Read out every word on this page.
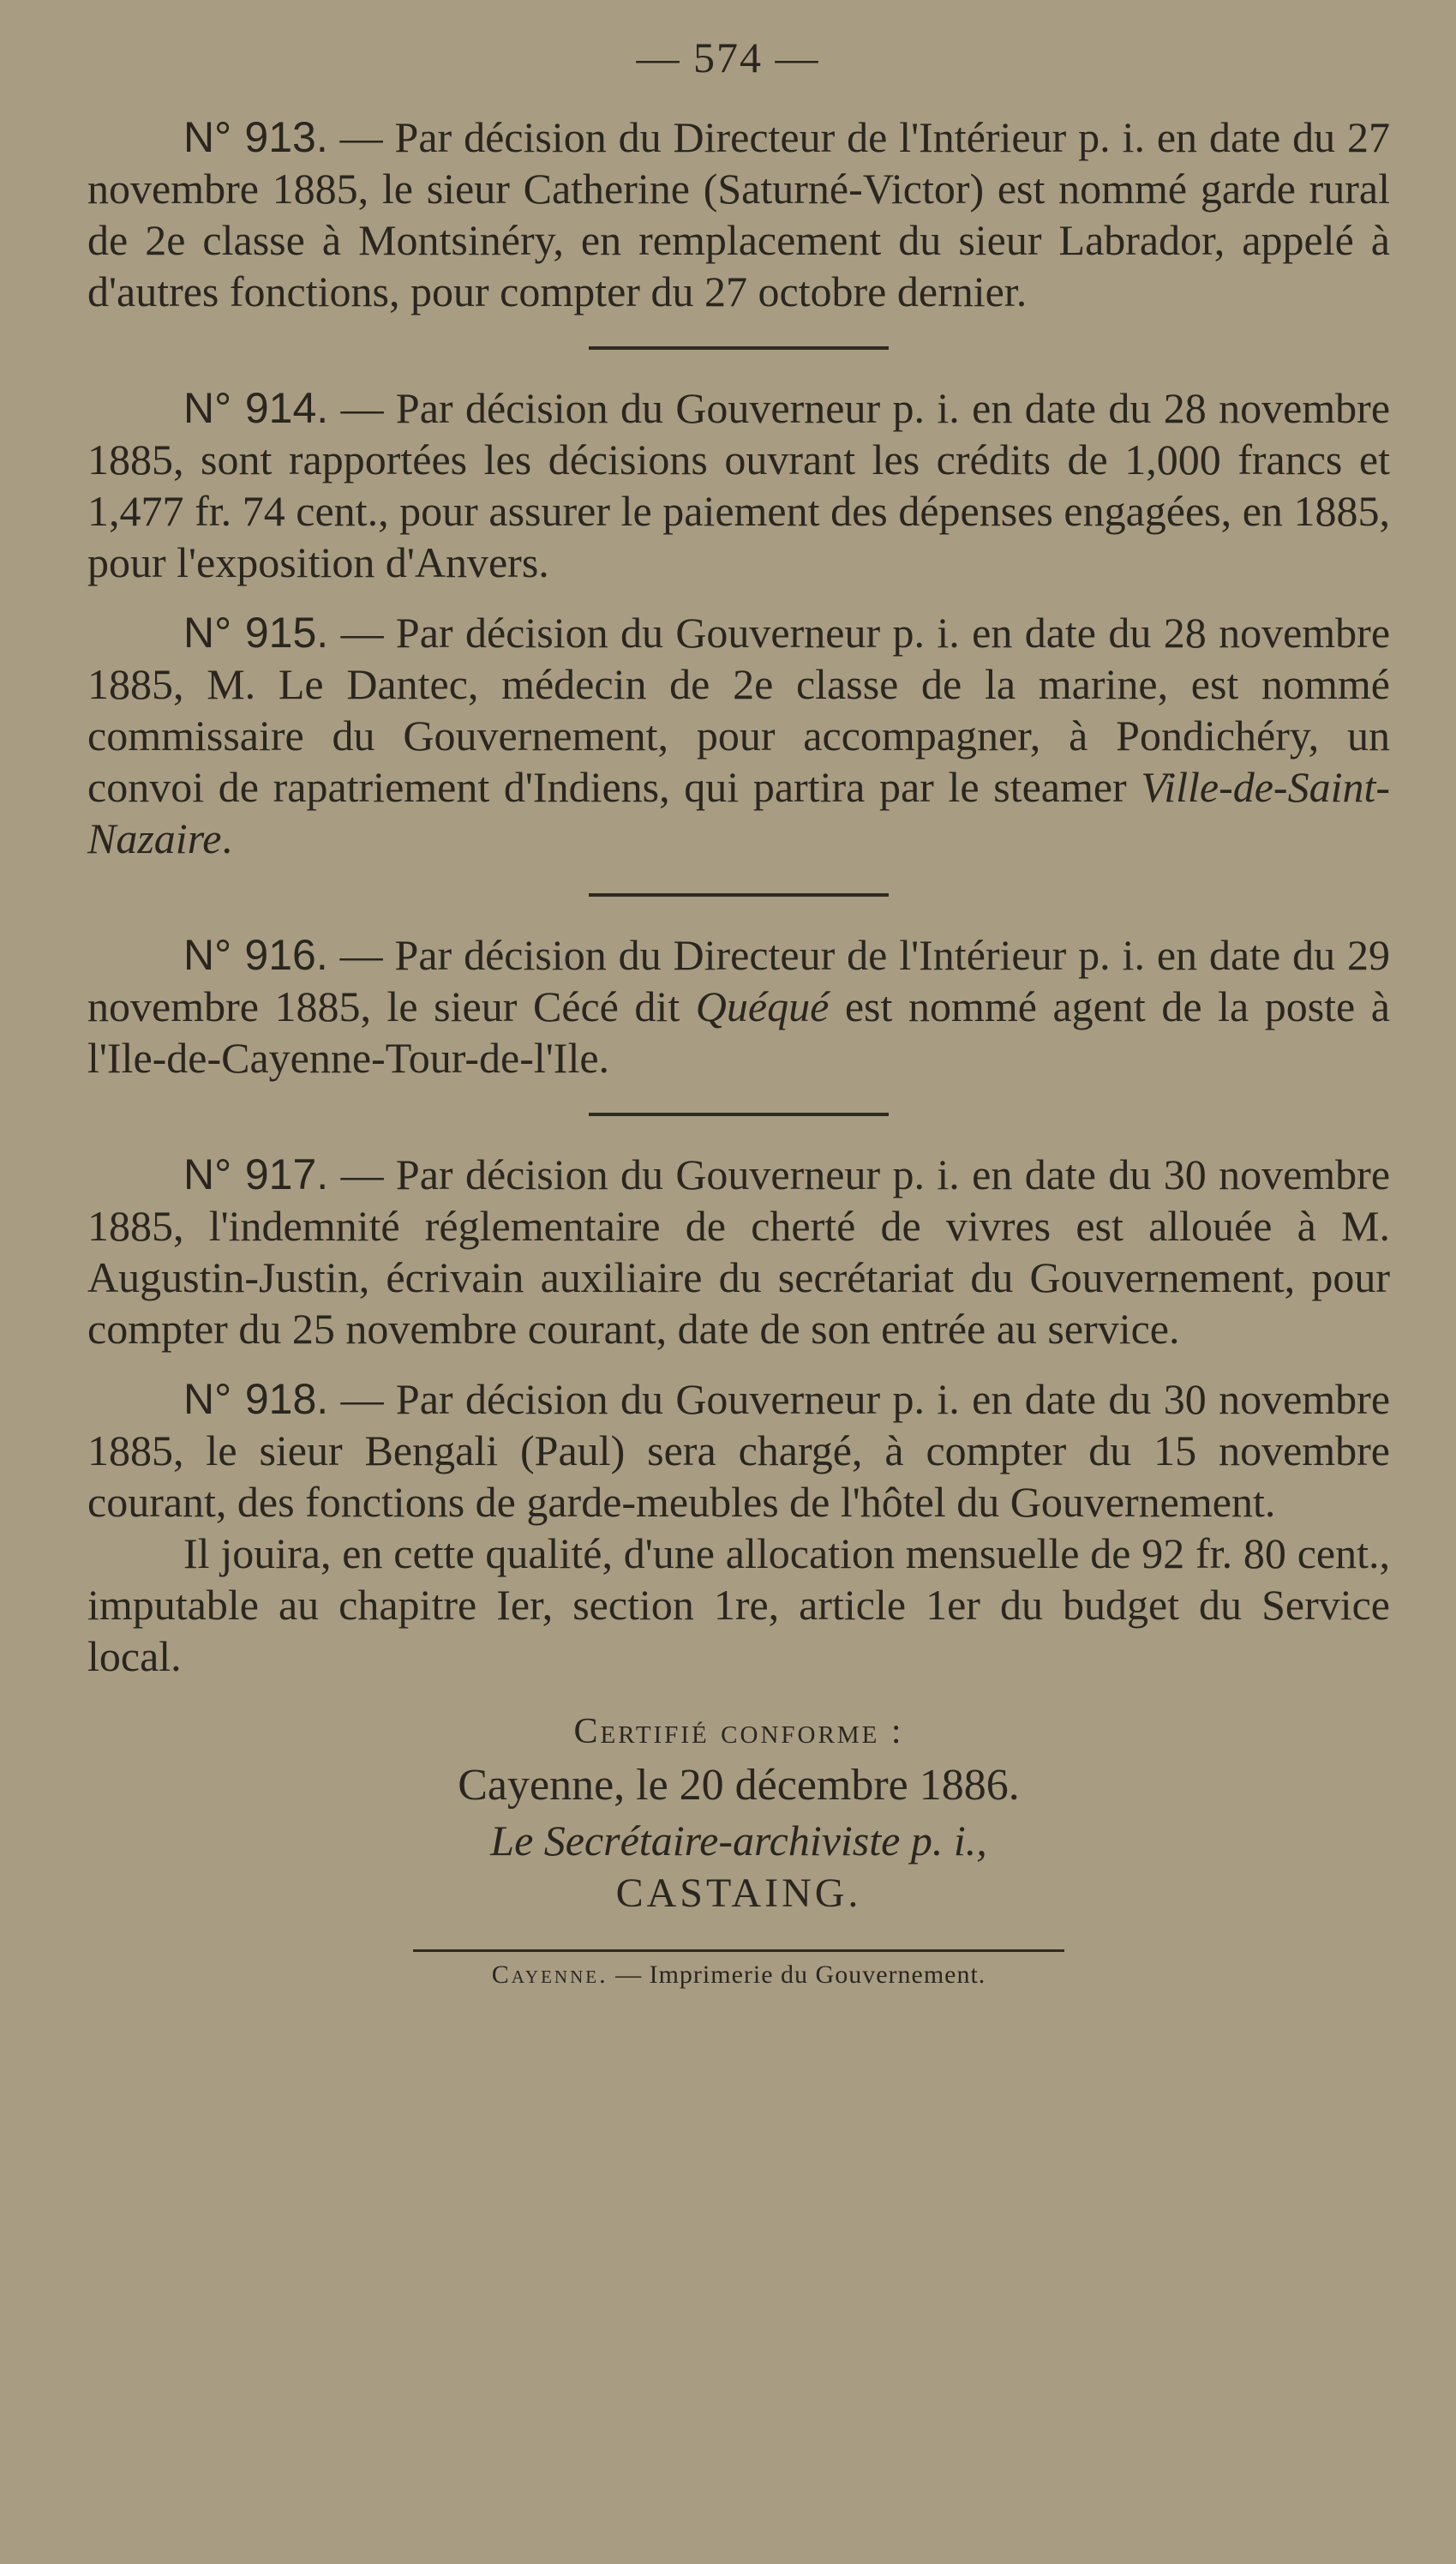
— 574 —

N° 913. — Par décision du Directeur de l'Intérieur p. i. en date du 27 novembre 1885, le sieur Catherine (Saturné-Victor) est nommé garde rural de 2e classe à Montsinéry, en remplacement du sieur Labrador, appelé à d'autres fonctions, pour compter du 27 octobre dernier.

N° 914. — Par décision du Gouverneur p. i. en date du 28 novembre 1885, sont rapportées les décisions ouvrant les crédits de 1,000 francs et 1,477 fr. 74 cent., pour assurer le paiement des dépenses engagées, en 1885, pour l'exposition d'Anvers.

N° 915. — Par décision du Gouverneur p. i. en date du 28 novembre 1885, M. Le Dantec, médecin de 2e classe de la marine, est nommé commissaire du Gouvernement, pour accompagner, à Pondichéry, un convoi de rapatriement d'Indiens, qui partira par le steamer Ville-de-Saint-Nazaire.

N° 916. — Par décision du Directeur de l'Intérieur p. i. en date du 29 novembre 1885, le sieur Cécé dit Quéqué est nommé agent de la poste à l'Ile-de-Cayenne-Tour-de-l'Ile.

N° 917. — Par décision du Gouverneur p. i. en date du 30 novembre 1885, l'indemnité réglementaire de cherté de vivres est allouée à M. Augustin-Justin, écrivain auxiliaire du secrétariat du Gouvernement, pour compter du 25 novembre courant, date de son entrée au service.

N° 918. — Par décision du Gouverneur p. i. en date du 30 novembre 1885, le sieur Bengali (Paul) sera chargé, à compter du 15 novembre courant, des fonctions de garde-meubles de l'hôtel du Gouvernement.

Il jouira, en cette qualité, d'une allocation mensuelle de 92 fr. 80 cent., imputable au chapitre Ier, section 1re, article 1er du budget du Service local.

Certifié conforme :
Cayenne, le 20 décembre 1886.
Le Secrétaire-archiviste p. i.,
CASTAING.
Cayenne. — Imprimerie du Gouvernement.
